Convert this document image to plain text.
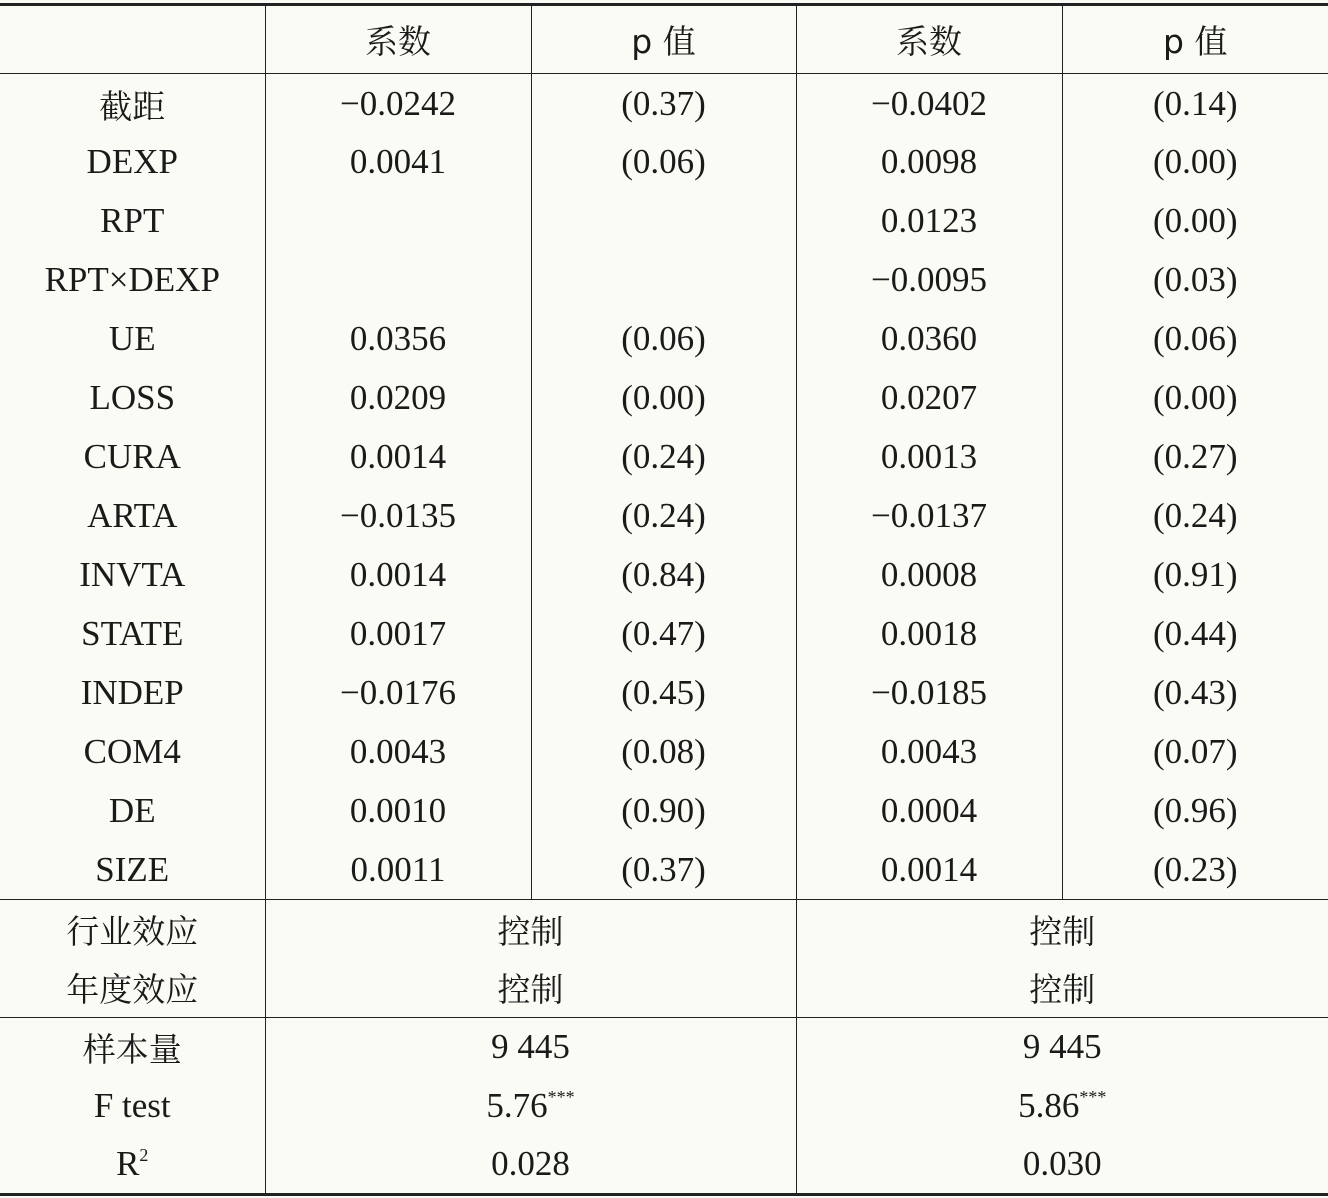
	系数	p 值	系数	p 值
截距	−0.0242	(0.37)	−0.0402	(0.14)
DEXP	0.0041	(0.06)	0.0098	(0.00)
RPT			0.0123	(0.00)
RPT×DEXP			−0.0095	(0.03)
UE	0.0356	(0.06)	0.0360	(0.06)
LOSS	0.0209	(0.00)	0.0207	(0.00)
CURA	0.0014	(0.24)	0.0013	(0.27)
ARTA	−0.0135	(0.24)	−0.0137	(0.24)
INVTA	0.0014	(0.84)	0.0008	(0.91)
STATE	0.0017	(0.47)	0.0018	(0.44)
INDEP	−0.0176	(0.45)	−0.0185	(0.43)
COM4	0.0043	(0.08)	0.0043	(0.07)
DE	0.0010	(0.90)	0.0004	(0.96)
SIZE	0.0011	(0.37)	0.0014	(0.23)
行业效应	控制		控制	
年度效应	控制		控制	
样本量	9 445		9 445	
F test	5.76***		5.86***
$R^2$	0.028		0.030	
